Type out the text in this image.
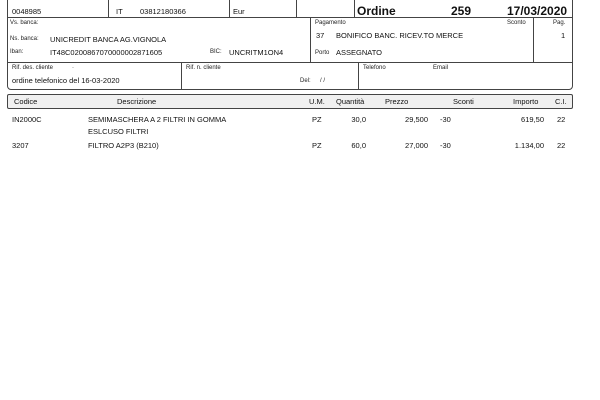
0048985	IT 03812180366	Eur	Ordine	259	17/03/2020
Vs. banca:
Ns. banca: UNICREDIT BANCA AG.VIGNOLA
Iban:	IT48C0200867070000002871605	BIC: UNCRITM1ON4
Pagamento
37 BONIFICO BANC. RICEV.TO MERCE
Porto ASSEGNATO
Sconto	Pag.
1
Rif. des. cliente	·
ordine telefonico del 16-03-2020
Rif. n. cliente
Del: / /
Telefono	Email
Codice	Descrizione	U.M. Quantità	Prezzo	Sconti	Importo C.I.
IN2000C	SEMIMASCHERA A 2 FILTRI IN GOMMA	PZ	30,0	29,500 -30	619,50 22
ESLCUSO FILTRI
3207	FILTRO A2P3 (B210)	PZ	60,0	27,000 -30	1.134,00 22
